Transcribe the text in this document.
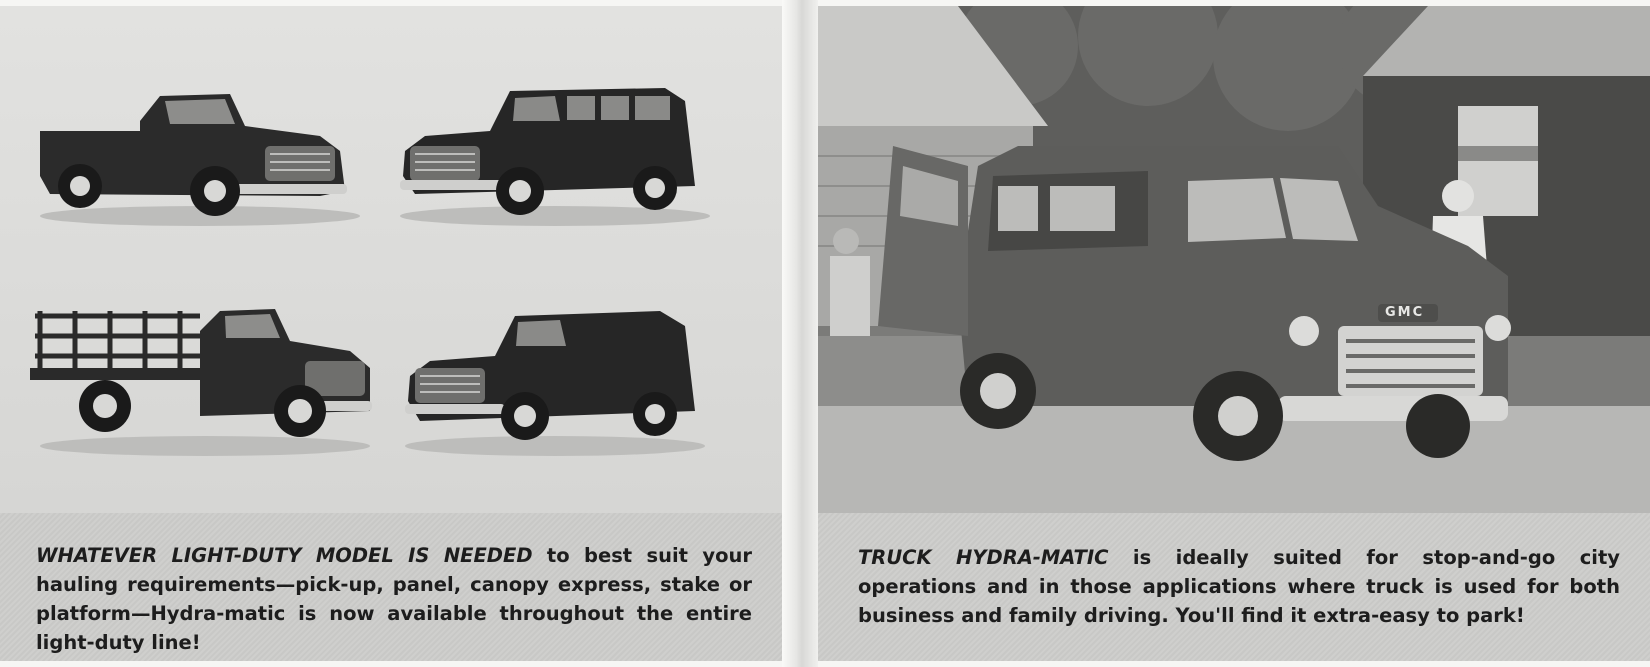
WHATEVER LIGHT-DUTY MODEL IS NEEDED to best suit your hauling requirements—pick-up, panel, canopy express, stake or platform—Hydra-matic is now available throughout the entire light-duty line!

GMC

TRUCK HYDRA-MATIC is ideally suited for stop-and-go city operations and in those applications where truck is used for both business and family driving. You'll find it extra-easy to park!
